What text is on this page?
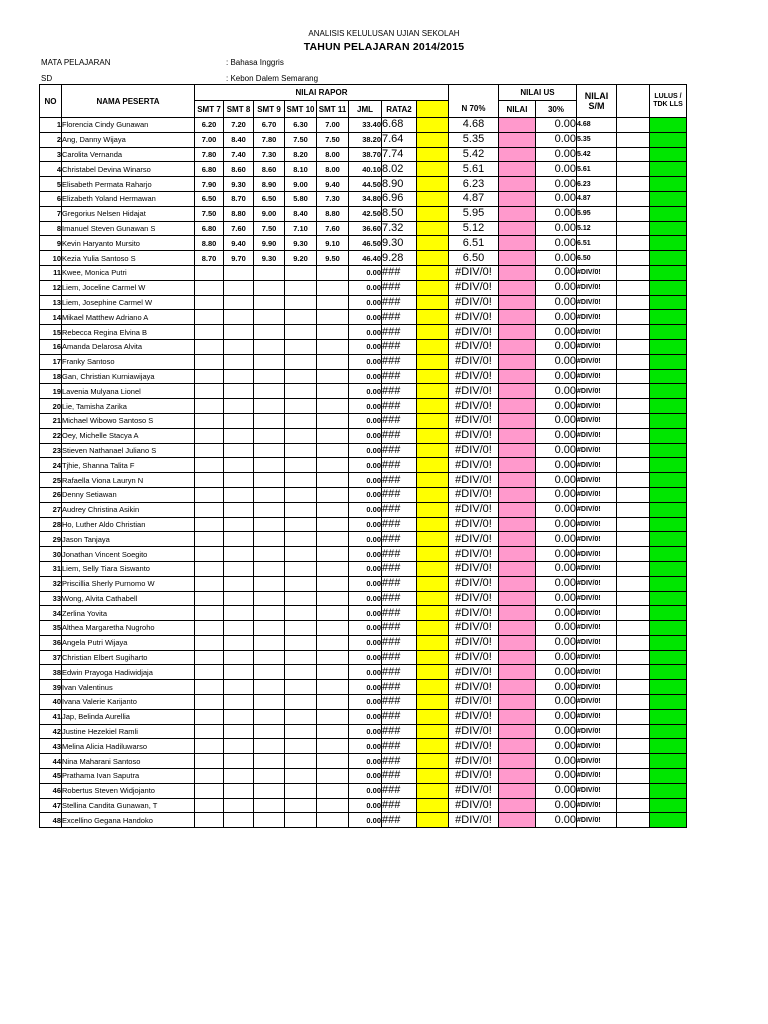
ANALISIS KELULUSAN UJIAN SEKOLAH
TAHUN PELAJARAN 2014/2015
MATA PELAJARAN	: Bahasa Inggris
SD	: Kebon Dalem Semarang
NO	NAMA PESERTA	NILAI RAPOR									NILAI US		NILAI S/M		LULUS / TDK LLS
		SMT 7	SMT 8	SMT 9	SMT 10	SMT 11	JML	RATA2		N 70%	NILAI	30%			
1	Florencia Cindy Gunawan	6.20	7.20	6.70	6.30	7.00	33.40	6.68		4.68		0.00	4.68		
2	Ang, Danny Wijaya	7.00	8.40	7.80	7.50	7.50	38.20	7.64		5.35		0.00	5.35		
3	Carolita Vernanda	7.80	7.40	7.30	8.20	8.00	38.70	7.74		5.42		0.00	5.42		
4	Christabel Devina Winarso	6.80	8.60	8.60	8.10	8.00	40.10	8.02		5.61		0.00	5.61		
5	Elisabeth Permata Raharjo	7.90	9.30	8.90	9.00	9.40	44.50	8.90		6.23		0.00	6.23		
6	Elizabeth Yoland Hermawan	6.50	8.70	6.50	5.80	7.30	34.80	6.96		4.87		0.00	4.87		
7	Gregorius Nelsen Hidajat	7.50	8.80	9.00	8.40	8.80	42.50	8.50		5.95		0.00	5.95		
8	Imanuel Steven Gunawan S	6.80	7.60	7.50	7.10	7.60	36.60	7.32		5.12		0.00	5.12		
9	Kevin Haryanto Mursito	8.80	9.40	9.90	9.30	9.10	46.50	9.30		6.51		0.00	6.51		
10	Kezia Yulia Santoso S	8.70	9.70	9.30	9.20	9.50	46.40	9.28		6.50		0.00	6.50		
11	Kwee, Monica Putri						0.00	###		#DIV/0!		0.00	#DIV/0!		
12	Liem, Joceline Carmel W						0.00	###		#DIV/0!		0.00	#DIV/0!		
13	Liem, Josephine Carmel W						0.00	###		#DIV/0!		0.00	#DIV/0!		
14	Mikael Matthew Adriano A						0.00	###		#DIV/0!		0.00	#DIV/0!		
15	Rebecca Regina Elvina B						0.00	###		#DIV/0!		0.00	#DIV/0!		
16	Amanda Delarosa Alvita						0.00	###		#DIV/0!		0.00	#DIV/0!		
17	Franky Santoso						0.00	###		#DIV/0!		0.00	#DIV/0!		
18	Gan, Christian Kurniawijaya						0.00	###		#DIV/0!		0.00	#DIV/0!		
19	Lavenia Mulyana Lionel						0.00	###		#DIV/0!		0.00	#DIV/0!		
20	Lie, Tamisha Zarika						0.00	###		#DIV/0!		0.00	#DIV/0!		
21	Michael Wibowo Santoso S						0.00	###		#DIV/0!		0.00	#DIV/0!		
22	Oey, Michelle Stacya A						0.00	###		#DIV/0!		0.00	#DIV/0!		
23	Stieven Nathanael Juliano S						0.00	###		#DIV/0!		0.00	#DIV/0!		
24	Tjhie, Shanna Talita F						0.00	###		#DIV/0!		0.00	#DIV/0!		
25	Rafaella Viona Lauryn N						0.00	###		#DIV/0!		0.00	#DIV/0!		
26	Denny Setiawan						0.00	###		#DIV/0!		0.00	#DIV/0!		
27	Audrey Christina Asikin						0.00	###		#DIV/0!		0.00	#DIV/0!		
28	Ho, Luther Aldo Christian						0.00	###		#DIV/0!		0.00	#DIV/0!		
29	Jason Tanjaya						0.00	###		#DIV/0!		0.00	#DIV/0!		
30	Jonathan Vincent Soegito						0.00	###		#DIV/0!		0.00	#DIV/0!		
31	Liem, Selly Tiara Siswanto						0.00	###		#DIV/0!		0.00	#DIV/0!		
32	Priscillia Sherly Purnomo W						0.00	###		#DIV/0!		0.00	#DIV/0!		
33	Wong, Alvita Cathabell						0.00	###		#DIV/0!		0.00	#DIV/0!		
34	Zerlina Yovita						0.00	###		#DIV/0!		0.00	#DIV/0!		
35	Althea Margaretha Nugroho						0.00	###		#DIV/0!		0.00	#DIV/0!		
36	Angela Putri Wijaya						0.00	###		#DIV/0!		0.00	#DIV/0!		
37	Christian Elbert Sugiharto						0.00	###		#DIV/0!		0.00	#DIV/0!		
38	Edwin Prayoga Hadiwidjaja						0.00	###		#DIV/0!		0.00	#DIV/0!		
39	Ivan Valentinus						0.00	###		#DIV/0!		0.00	#DIV/0!		
40	Ivana Valerie Karijanto						0.00	###		#DIV/0!		0.00	#DIV/0!		
41	Jap, Belinda Aurellia						0.00	###		#DIV/0!		0.00	#DIV/0!		
42	Justine Hezekiel Ramli						0.00	###		#DIV/0!		0.00	#DIV/0!		
43	Melina Alicia Hadiluwarso						0.00	###		#DIV/0!		0.00	#DIV/0!		
44	Nina Maharani Santoso						0.00	###		#DIV/0!		0.00	#DIV/0!		
45	Prathama Ivan Saputra						0.00	###		#DIV/0!		0.00	#DIV/0!		
46	Robertus Steven Widjojanto						0.00	###		#DIV/0!		0.00	#DIV/0!		
47	Stellina Candita Gunawan, T						0.00	###		#DIV/0!		0.00	#DIV/0!		
48	Excellino Gegana Handoko						0.00	###		#DIV/0!		0.00	#DIV/0!		
